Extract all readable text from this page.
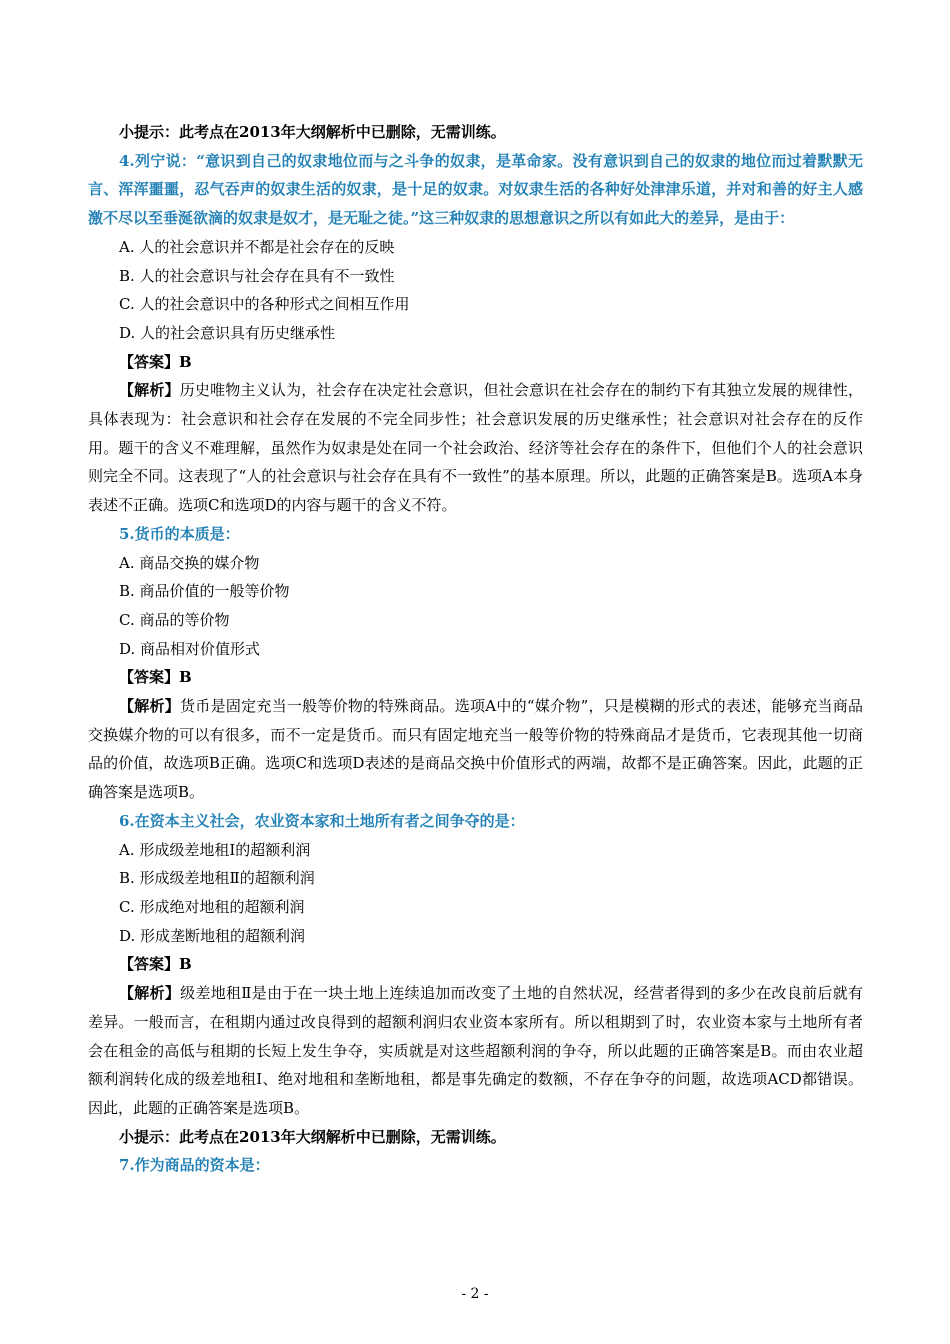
小提示：此考点在2013年大纲解析中已删除，无需训练。

4.列宁说：“意识到自己的奴隶地位而与之斗争的奴隶，是革命家。没有意识到自己的奴隶的地位而过着默默无言、浑浑噩噩，忍气吞声的奴隶生活的奴隶，是十足的奴隶。对奴隶生活的各种好处津津乐道，并对和善的好主人感激不尽以至垂涎欲滴的奴隶是奴才，是无耻之徒。”这三种奴隶的思想意识之所以有如此大的差异，是由于：

A. 人的社会意识并不都是社会存在的反映

B. 人的社会意识与社会存在具有不一致性

C. 人的社会意识中的各种形式之间相互作用

D. 人的社会意识具有历史继承性

【答案】B

【解析】历史唯物主义认为，社会存在决定社会意识，但社会意识在社会存在的制约下有其独立发展的规律性，具体表现为：社会意识和社会存在发展的不完全同步性；社会意识发展的历史继承性；社会意识对社会存在的反作用。题干的含义不难理解，虽然作为奴隶是处在同一个社会政治、经济等社会存在的条件下，但他们个人的社会意识则完全不同。这表现了“人的社会意识与社会存在具有不一致性”的基本原理。所以，此题的正确答案是B。选项A本身表述不正确。选项C和选项D的内容与题干的含义不符。

5.货币的本质是：

A. 商品交换的媒介物

B. 商品价值的一般等价物

C. 商品的等价物

D. 商品相对价值形式

【答案】B

【解析】货币是固定充当一般等价物的特殊商品。选项A中的“媒介物”，只是模糊的形式的表述，能够充当商品交换媒介物的可以有很多，而不一定是货币。而只有固定地充当一般等价物的特殊商品才是货币，它表现其他一切商品的价值，故选项B正确。选项C和选项D表述的是商品交换中价值形式的两端，故都不是正确答案。因此，此题的正确答案是选项B。

6.在资本主义社会，农业资本家和土地所有者之间争夺的是：

A. 形成级差地租Ⅰ的超额利润

B. 形成级差地租Ⅱ的超额利润

C. 形成绝对地租的超额利润

D. 形成垄断地租的超额利润

【答案】B

【解析】级差地租Ⅱ是由于在一块土地上连续追加而改变了土地的自然状况，经营者得到的多少在改良前后就有差异。一般而言，在租期内通过改良得到的超额利润归农业资本家所有。所以租期到了时，农业资本家与土地所有者会在租金的高低与租期的长短上发生争夺，实质就是对这些超额利润的争夺，所以此题的正确答案是B。而由农业超额利润转化成的级差地租Ⅰ、绝对地租和垄断地租，都是事先确定的数额，不存在争夺的问题，故选项ACD都错误。因此，此题的正确答案是选项B。

小提示：此考点在2013年大纲解析中已删除，无需训练。

7.作为商品的资本是：

- 2 -
